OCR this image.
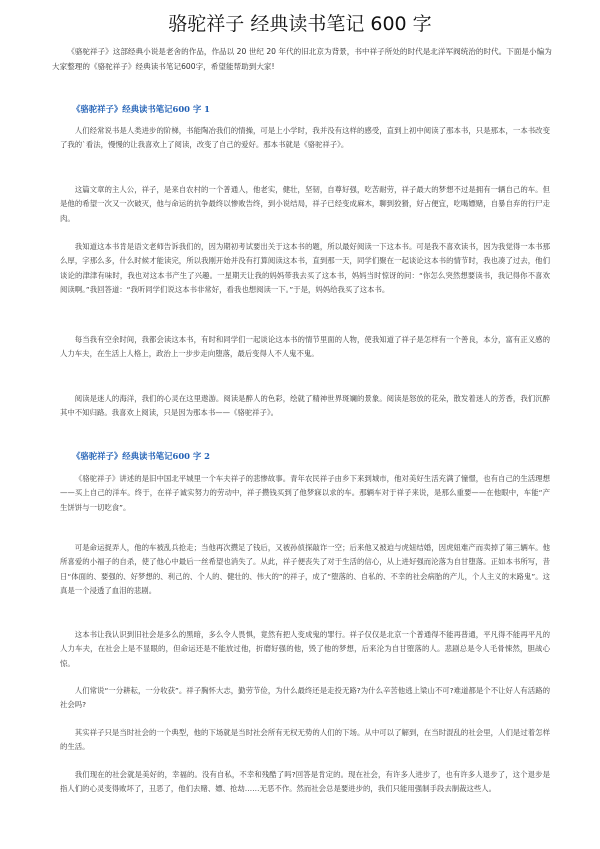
骆驼祥子 经典读书笔记 600 字
《骆驼祥子》这部经典小说是老舍的作品，作品以 20 世纪 20 年代的旧北京为背景，书中祥子所处的时代是北洋军阀统治的时代。下面是小编为大家整理的《骆驼祥子》经典读书笔记600字，希望能帮助到大家!
《骆驼祥子》经典读书笔记600 字 1
人们经常说书是人类进步的阶梯，书能陶冶我们的情操，可是上小学时，我并没有这样的感受，直到上初中阅读了那本书，只是那本，一本书改变了我的`看法，慢慢的让我喜欢上了阅读，改变了自己的爱好。那本书就是《骆驼祥子》。
这篇文章的主人公，祥子，是来自农村的一个普通人，他老实，健壮，坚韧，自尊好强，吃苦耐劳，祥子最大的梦想不过是拥有一辆自己的车。但是他的希望一次又一次破灭，他与命运的抗争最终以惨败告终，到小说结局，祥子已经变成麻木，聊到狡猾，好占便宜，吃喝嫖赌，自暴自弃的行尸走肉。
我知道这本书肯是语文老师告诉我们的，因为期初考试要出关于这本书的题，所以最好阅读一下这本书。可是我不喜欢读书，因为我觉得一本书那么厚，字那么多，什么时候才能读完，所以我刚开始并没有打算阅读这本书，直到那一天，同学们聚在一起谈论这本书的情节时，我也凑了过去，他们谈论的津津有味时，我也对这本书产生了兴趣。一星期天让我的妈妈带我去买了这本书，妈妈当时惊讶的问：“你怎么突然想要读书，我记得你不喜欢阅读啊。”我回答道：“我听同学们说这本书非常好，看我也想阅读一下。”于是，妈妈给我买了这本书。
每当我有空余时间，我都会读这本书，有时和同学们一起谈论这本书的情节里面的人物，使我知道了祥子是怎样有一个善良，本分，富有正义感的人力车夫，在生活上人格上，政治上一步步走向堕落，最后变得人不人鬼不鬼。
阅读是迷人的海洋，我们的心灵在这里遨游。阅读是醉人的色彩，绘就了精神世界斑斓的景象。阅读是怒放的花朵，散发着迷人的芳香，我们沉醉其中不知归路。我喜欢上阅读，只是因为那本书——《骆驼祥子》。
《骆驼祥子》经典读书笔记600 字 2
《骆驼祥子》讲述的是旧中国北平城里一个车夫祥子的悲惨故事。青年农民祥子由乡下来到城市，他对美好生活充满了憧憬，也有自己的生活理想——买上自己的洋车。终于，在祥子诚实努力的劳动中，祥子攒钱买到了他梦寐以求的车。那辆车对于祥子来说，是那么重要——在他眼中，车能“产生饼饼与一切吃食”。
可是命运捉弄人，他的车被乱兵抢走；当他再次攒足了钱后，又被孙侦探敲诈一空；后来他又被迫与虎妞结婚，因虎妞难产而卖掉了第三辆车。他所喜爱的小福子的自杀，使了他心中最后一丝希望也消失了。从此，祥子便丧失了对于生活的信心，从上进好强而沦落为自甘堕落。正如本书所写，昔日“体面的、要强的、好梦想的、利己的、个人的、健壮的、伟大的”的祥子，成了“堕落的、自私的、不幸的社会病胎的产儿，个人主义的末路鬼”。这真是一个浸透了血泪的悲剧。
这本书让我认识到旧社会是多么的黑暗，多么令人畏惧，竟然有把人变成鬼的罪行。祥子仅仅是北京一个普通得不能再普通，平凡得不能再平凡的人力车夫，在社会上是不显眼的，但命运还是不能放过他，折磨好强的他，毁了他的梦想，后来沦为自甘堕落的人。悲剧总是令人毛骨悚然，胆战心惊。
人们常说“一分耕耘，一分收获”。祥子胸怀大志，勤劳节俭，为什么最终还是走投无路?为什么辛苦他逃上梁山不可?难道都是个不让好人有活路的社会吗?
其实祥子只是当时社会的一个典型，他的下场就是当时社会所有无权无势的人们的下场。从中可以了解到，在当时混乱的社会里，人们是过着怎样的生活。
我们现在的社会就是美好的，幸福的。没有自私，不幸和残酷了吗?回答是肯定的。现在社会，有许多人进步了，也有许多人退步了，这个退步是指人们的心灵变得败坏了，丑恶了，他们去赌、嫖、抢劫……无恶不作。然而社会总是要进步的，我们只能用强制手段去制裁这些人。
